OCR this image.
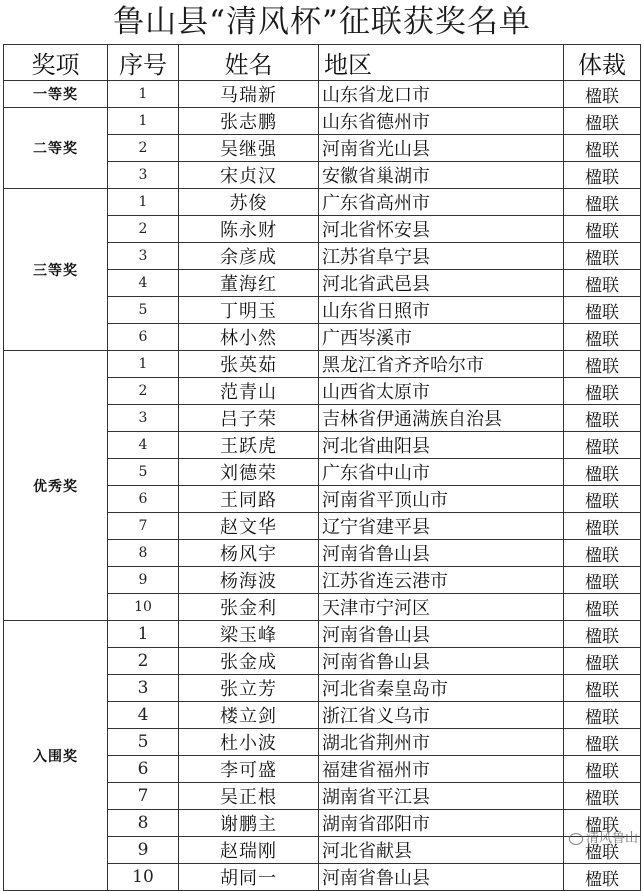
鲁山县“清风杯”征联获奖名单
奖项	序号	姓名	地区	体裁
一等奖	1	马瑞新	山东省龙口市	楹联
二等奖	1	张志鹏	山东省德州市	楹联
	2	吴继强	河南省光山县	楹联
	3	宋贞汉	安徽省巢湖市	楹联
三等奖	1	苏俊	广东省高州市	楹联
	2	陈永财	河北省怀安县	楹联
	3	余彦成	江苏省阜宁县	楹联
	4	董海红	河北省武邑县	楹联
	5	丁明玉	山东省日照市	楹联
	6	林小然	广西岑溪市	楹联
优秀奖	1	张英茹	黑龙江省齐齐哈尔市	楹联
	2	范青山	山西省太原市	楹联
	3	吕子荣	吉林省伊通满族自治县	楹联
	4	王跃虎	河北省曲阳县	楹联
	5	刘德荣	广东省中山市	楹联
	6	王同路	河南省平顶山市	楹联
	7	赵文华	辽宁省建平县	楹联
	8	杨风宇	河南省鲁山县	楹联
	9	杨海波	江苏省连云港市	楹联
	10	张金利	天津市宁河区	楹联
入围奖	1	梁玉峰	河南省鲁山县	楹联
	2	张金成	河南省鲁山县	楹联
	3	张立芳	河北省秦皇岛市	楹联
	4	楼立剑	浙江省义乌市	楹联
	5	杜小波	湖北省荆州市	楹联
	6	李可盛	福建省福州市	楹联
	7	吴正根	湖南省平江县	楹联
	8	谢鹏主	湖南省邵阳市	楹联
	9	赵瑞刚	河北省献县	楹联
	10	胡同一	河南省鲁山县	楹联
清风鲁山
